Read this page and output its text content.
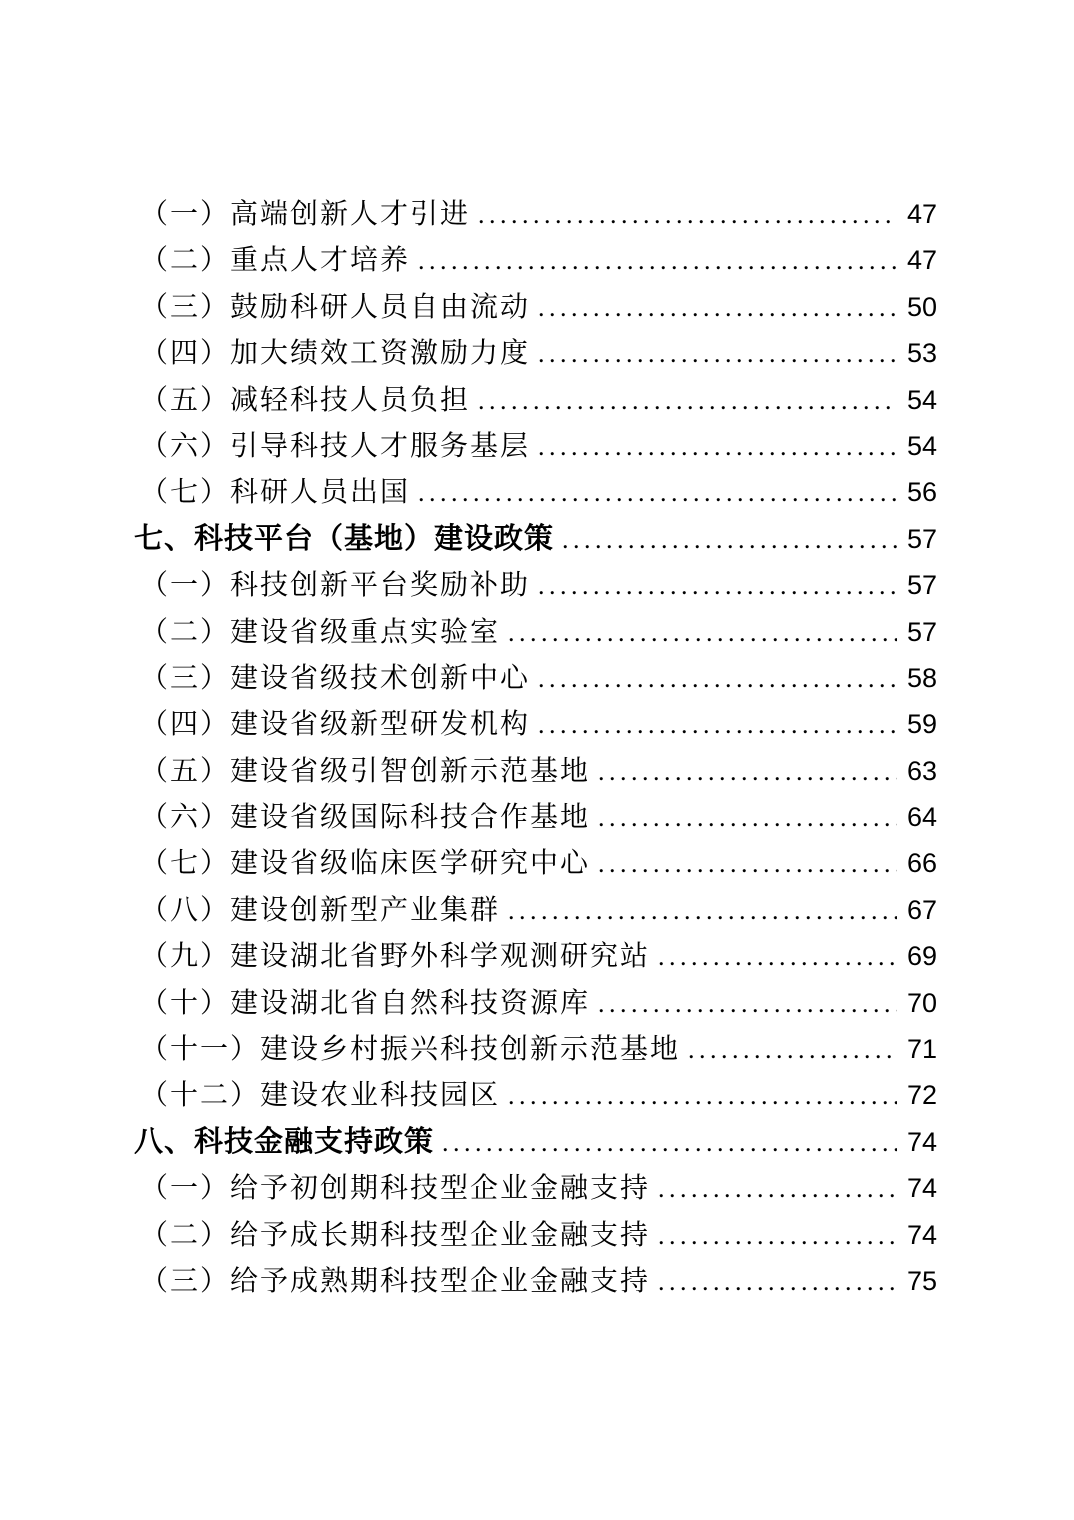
（一）高端创新人才引进 .....	47
（二）重点人才培养 .....	47
（三）鼓励科研人员自由流动 .....	50
（四）加大绩效工资激励力度 .....	53
（五）减轻科技人员负担 .....	54
（六）引导科技人才服务基层 .....	54
（七）科研人员出国 .....	56
七、科技平台（基地）建设政策 .....	57
（一）科技创新平台奖励补助 .....	57
（二）建设省级重点实验室 .....	57
（三）建设省级技术创新中心 .....	58
（四）建设省级新型研发机构 .....	59
（五）建设省级引智创新示范基地 .....	63
（六）建设省级国际科技合作基地 .....	64
（七）建设省级临床医学研究中心 .....	66
（八）建设创新型产业集群 .....	67
（九）建设湖北省野外科学观测研究站 .....	69
（十）建设湖北省自然科技资源库 .....	70
（十一）建设乡村振兴科技创新示范基地 .....	71
（十二）建设农业科技园区 .....	72
八、科技金融支持政策 .....	74
（一）给予初创期科技型企业金融支持 .....	74
（二）给予成长期科技型企业金融支持 .....	74
（三）给予成熟期科技型企业金融支持 .....	75
